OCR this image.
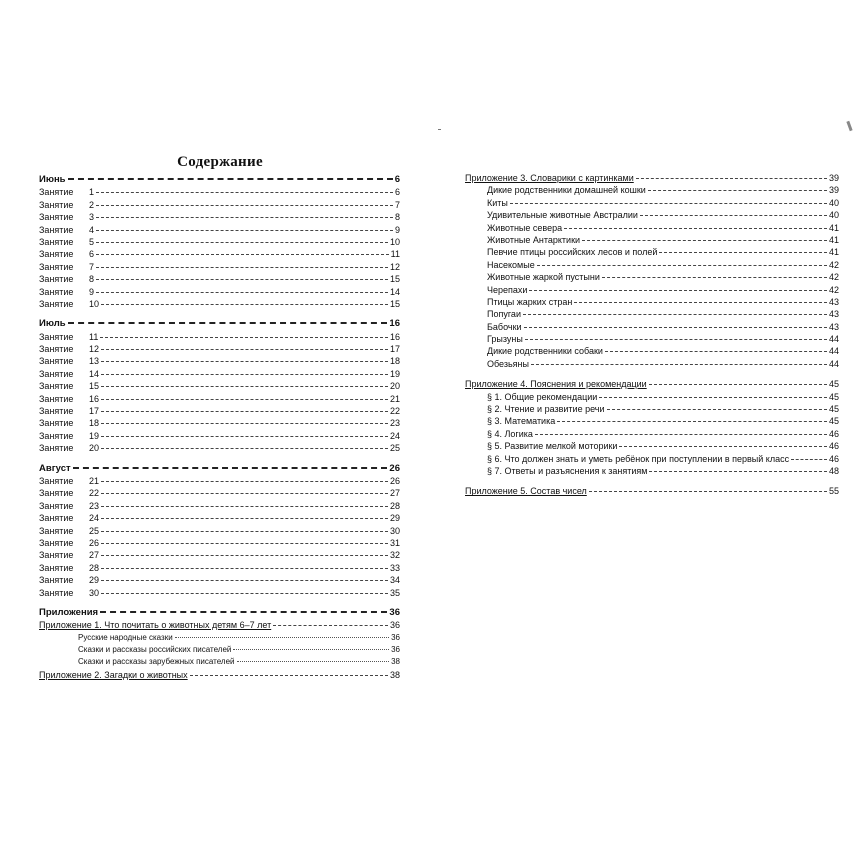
Содержание
Июнь	6
Занятие 1	6
Занятие 2	7
Занятие 3	8
Занятие 4	9
Занятие 5	10
Занятие 6	11
Занятие 7	12
Занятие 8	15
Занятие 9	14
Занятие 10	15
Июль	16
Занятие 11	16
Занятие 12	17
Занятие 13	18
Занятие 14	19
Занятие 15	20
Занятие 16	21
Занятие 17	22
Занятие 18	23
Занятие 19	24
Занятие 20	25
Август	26
Занятие 21	26
Занятие 22	27
Занятие 23	28
Занятие 24	29
Занятие 25	30
Занятие 26	31
Занятие 27	32
Занятие 28	33
Занятие 29	34
Занятие 30	35
Приложения	36
Приложение 1. Что почитать о животных детям 6–7 лет	36
Русские народные сказки	36
Сказки и рассказы российских писателей	36
Сказки и рассказы зарубежных писателей	38
Приложение 2. Загадки о животных	38
Приложение 3. Словарики с картинками	39
Дикие родственники домашней кошки	39
Киты	40
Удивительные животные Австралии	40
Животные севера	41
Животные Антарктики	41
Певчие птицы российских лесов и полей	41
Насекомые	42
Животные жаркой пустыни	42
Черепахи	42
Птицы жарких стран	43
Попугаи	43
Бабочки	43
Грызуны	44
Дикие родственники собаки	44
Обезьяны	44
Приложение 4. Пояснения и рекомендации	45
§ 1. Общие рекомендации	45
§ 2. Чтение и развитие речи	45
§ 3. Математика	45
§ 4. Логика	46
§ 5. Развитие мелкой моторики	46
§ 6. Что должен знать и уметь ребёнок при поступлении в первый класс	46
§ 7. Ответы и разъяснения к занятиям	48
Приложение 5. Состав чисел	55
